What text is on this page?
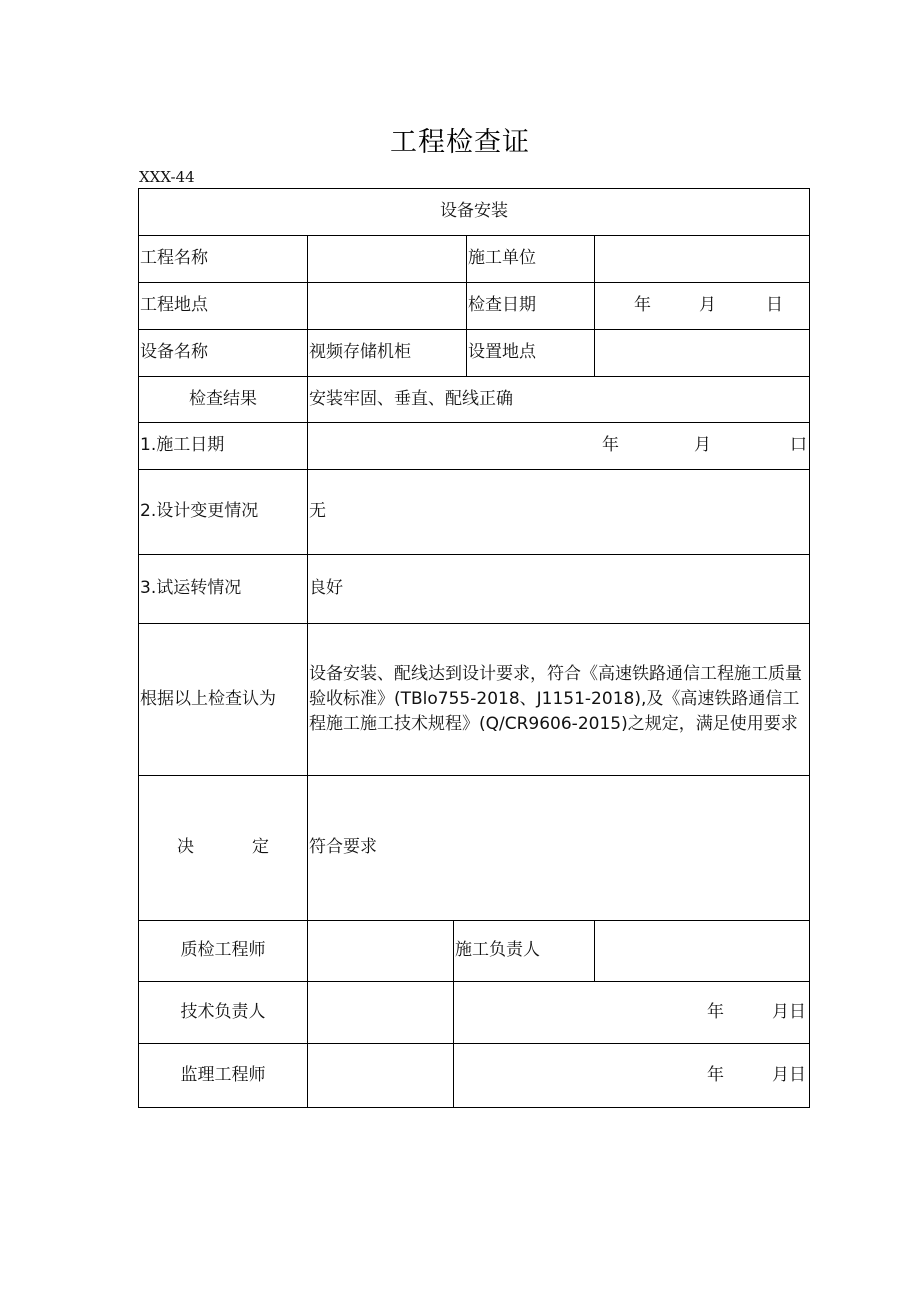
工程检查证
XXX-44
设备安装				
工程名称			施工单位	
工程地点			检查日期	年 月 日

设备名称	视频存储机柜		设置地点	
检查结果	安装牢固、垂直、配线正确			
1.施工日期	年 月 口			

2.设计变更情况	无			
3.试运转情况	良好			
根据以上检查认为	设备安装、配线达到设计要求，符合《高速铁路通信工程施工质量验收标准》(TBlo755-2018、J1151-2018),及《高速铁路通信工程施工施工技术规程》(Q/CR9606-2015)之规定，满足使用要求			

决 定	符合要求			
质检工程师		施工负责人		
技术负责人		年 月日		

监理工程师		年 月日		
